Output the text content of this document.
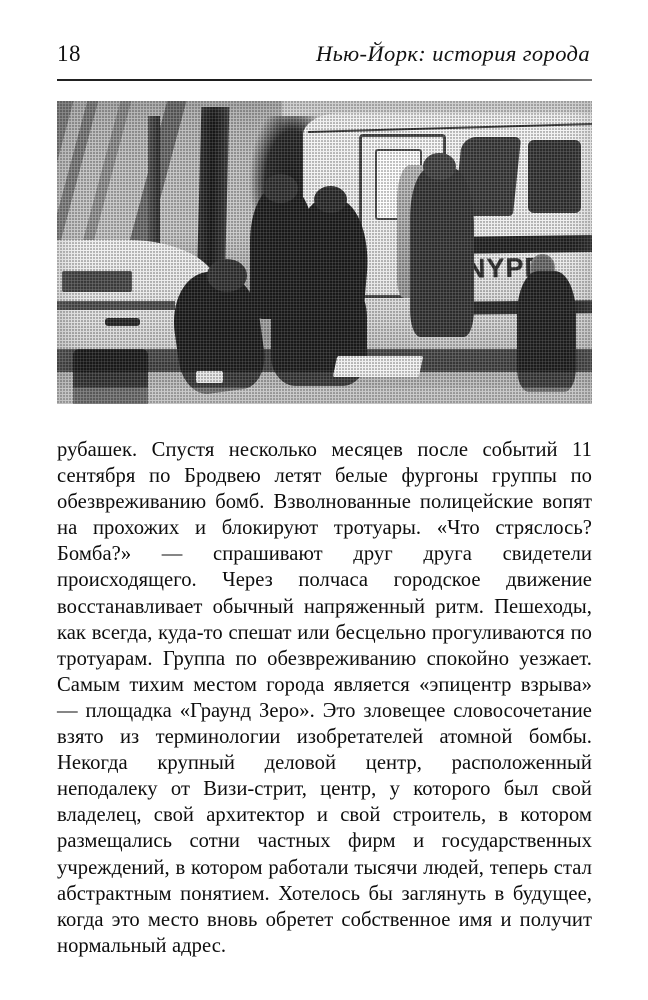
18	Нью-Йорк: история города

рубашек. Спустя несколько месяцев после событий 11 сентября по Бродвею летят белые фургоны группы по обезвреживанию бомб. Взволнованные полицейские вопят на прохожих и блокируют тротуары. «Что стряслось? Бомба?» — спрашивают друг друга свидетели происходящего. Через полчаса городское движение восстанавливает обычный напряженный ритм. Пешеходы, как всегда, куда-то спешат или бесцельно прогуливаются по тротуарам. Группа по обезвреживанию спокойно уезжает. Самым тихим местом города является «эпицентр взрыва» — площадка «Граунд Зеро». Это зловещее словосочетание взято из терминологии изобретателей атомной бомбы. Некогда крупный деловой центр, расположенный неподалеку от Визи-стрит, центр, у которого был свой владелец, свой архитектор и свой строитель, в котором размещались сотни частных фирм и государственных учреждений, в котором работали тысячи людей, теперь стал абстрактным понятием. Хотелось бы заглянуть в будущее, когда это место вновь обретет собственное имя и получит нормальный адрес.
